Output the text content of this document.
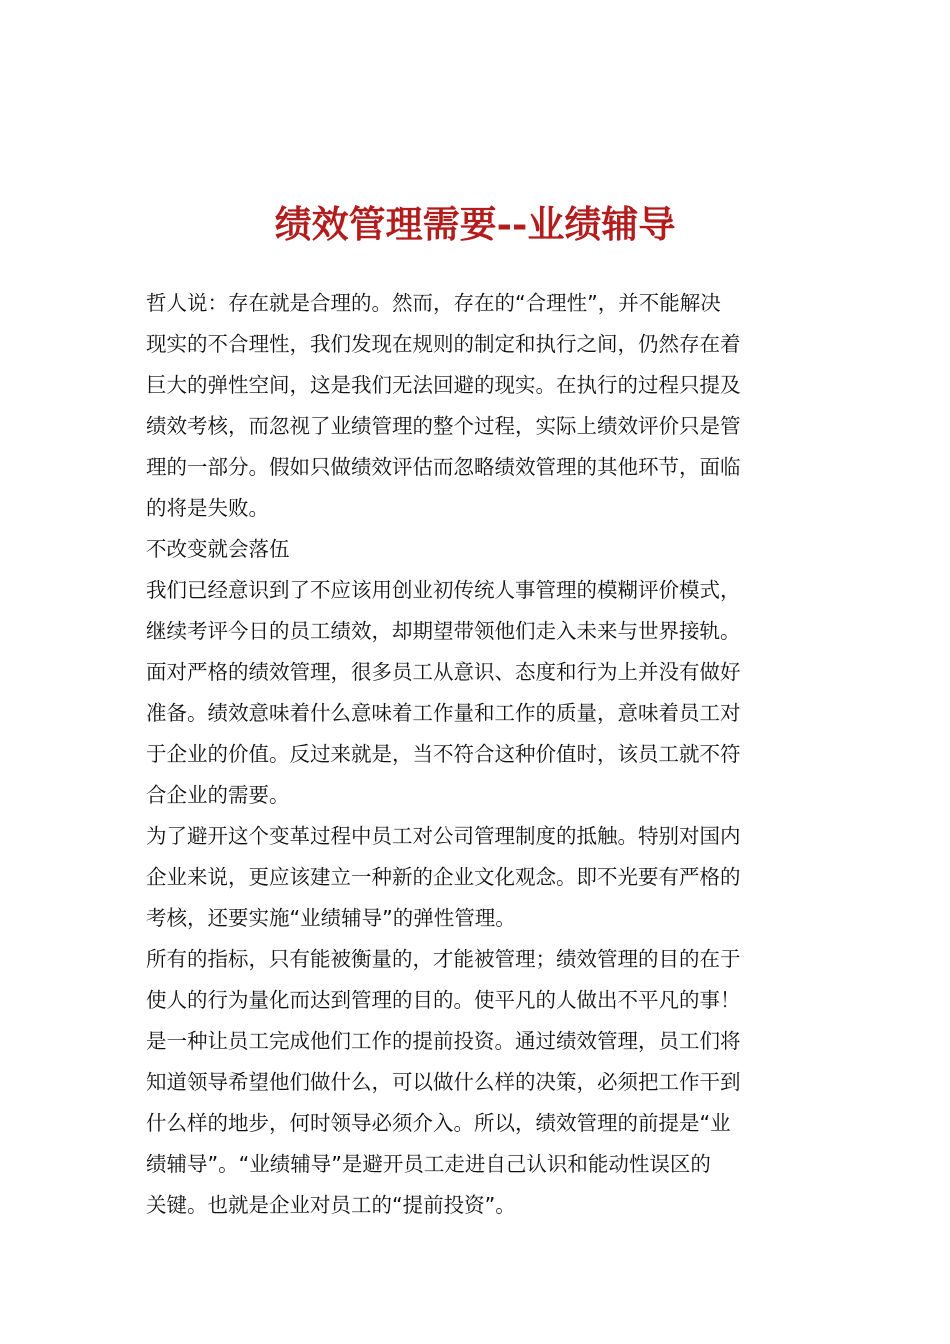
绩效管理需要--业绩辅导
哲人说：存在就是合理的。然而，存在的“合理性”，并不能解决
现实的不合理性，我们发现在规则的制定和执行之间，仍然存在着
巨大的弹性空间，这是我们无法回避的现实。在执行的过程只提及
绩效考核，而忽视了业绩管理的整个过程，实际上绩效评价只是管
理的一部分。假如只做绩效评估而忽略绩效管理的其他环节，面临
的将是失败。
不改变就会落伍
我们已经意识到了不应该用创业初传统人事管理的模糊评价模式，
继续考评今日的员工绩效，却期望带领他们走入未来与世界接轨。
面对严格的绩效管理，很多员工从意识、态度和行为上并没有做好
准备。绩效意味着什么意味着工作量和工作的质量，意味着员工对
于企业的价值。反过来就是，当不符合这种价值时，该员工就不符
合企业的需要。
为了避开这个变革过程中员工对公司管理制度的抵触。特别对国内
企业来说，更应该建立一种新的企业文化观念。即不光要有严格的
考核，还要实施“业绩辅导”的弹性管理。
所有的指标，只有能被衡量的，才能被管理；绩效管理的目的在于
使人的行为量化而达到管理的目的。使平凡的人做出不平凡的事！
是一种让员工完成他们工作的提前投资。通过绩效管理，员工们将
知道领导希望他们做什么，可以做什么样的决策，必须把工作干到
什么样的地步，何时领导必须介入。所以，绩效管理的前提是“业
绩辅导”。“业绩辅导”是避开员工走进自己认识和能动性误区的
关键。也就是企业对员工的“提前投资”。
